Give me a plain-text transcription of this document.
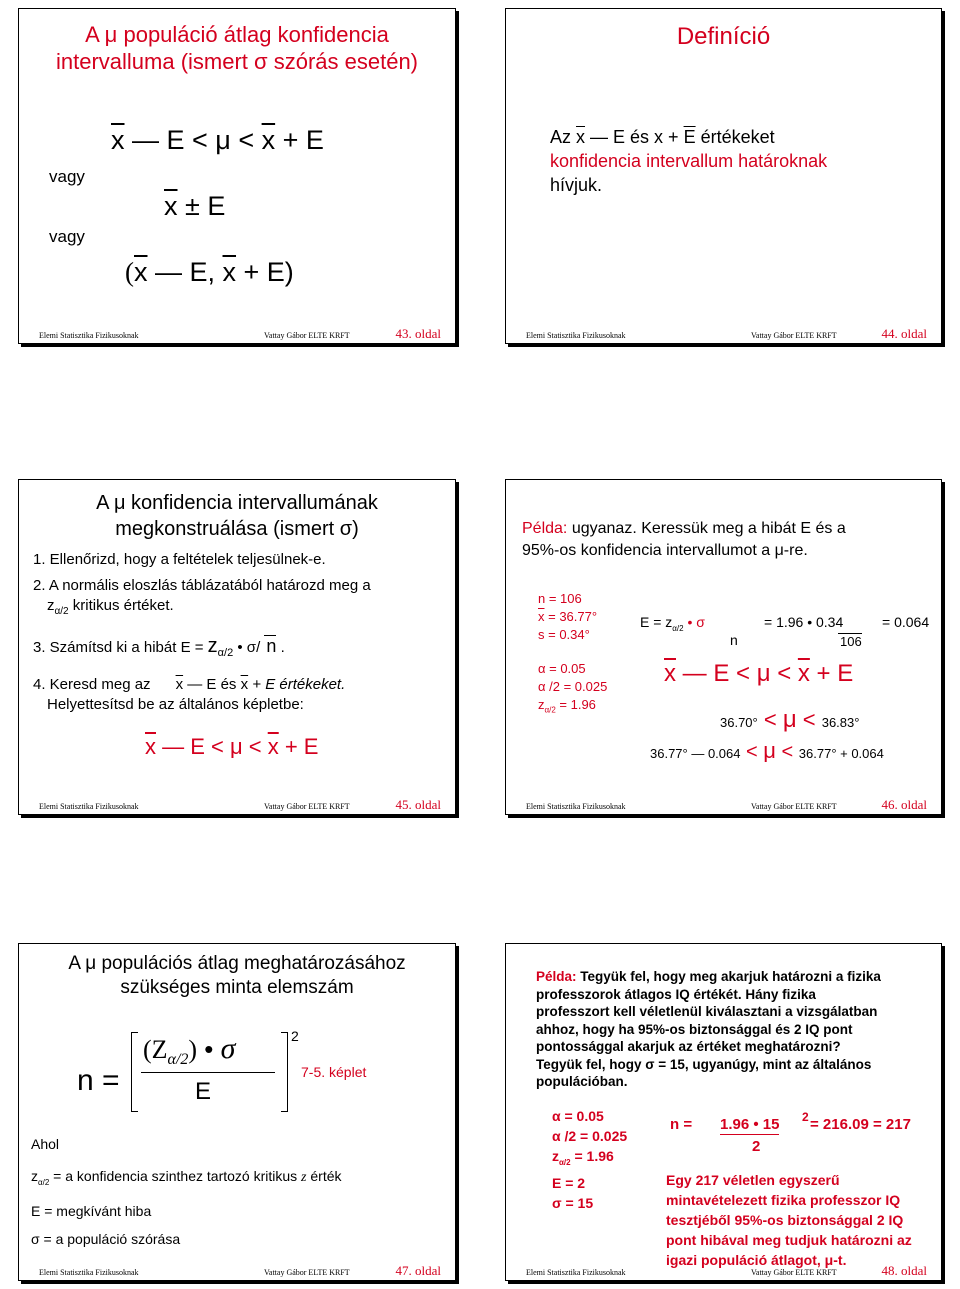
A μ populáció átlag konfidencia
intervalluma (ismert σ szórás esetén)
$\overline{x}$ — $E < \mu < \overline{x} + E$
vagy
$\overline{x} \pm E$
vagy
($\overline{x}$ — E, $\overline{x} + E$)
Elemi Statisztika Fizikusoknak	Vattay Gábor ELTE KRFT	43. oldal
Definíció
Az $\overline{x}$ — E és $x + \overline{E}$ értékeket
konfidencia intervallum határoknak
hívjuk.
Elemi Statisztika Fizikusoknak	Vattay Gábor ELTE KRFT	44. oldal
A μ konfidencia intervallumának
megkonstruálása (ismert σ)
1. Ellenőrizd, hogy a feltételek teljesülnek-e.
2. A normális eloszlás táblázatából határozd meg a
$z_{\alpha/2}$ kritikus értéket.
3. Számítsd ki a hibát $E = z_{\alpha/2}$ • σ/ n .
4. Keresd meg az $\overline{x}$ — E és $\overline{x} + E$ értékeket.
Helyettesítsd be az általános képletbe:
$\overline{x}$ — $E < \mu < \overline{x} + E$
Elemi Statisztika Fizikusoknak	Vattay Gábor ELTE KRFT	45. oldal
Példa: ugyanaz. Keressük meg a hibát E és a
95%-os konfidencia intervallumot a μ-re.
n = 106
$\overline{x} = 36.77^\circ$
s = 0.34°
α = 0.05
α /2 = 0.025
$z_{\alpha/2} = 1.96$
$E = z_{\alpha/2}$ • σ
n
= 1.96 • 0.34
106
= 0.064
$\overline{x}$ — $E < \mu < \overline{x} + E$
36.70° < μ < 36.83°
36.77° — 0.064 < μ < 36.77° + 0.064
Elemi Statisztika Fizikusoknak	Vattay Gábor ELTE KRFT	46. oldal
A μ populációs átlag meghatározásához
szükséges minta elemszám
n =
$(Z_{\alpha/2})$ • σ
E
2
7-5. képlet
Ahol
$z_{\alpha/2} = a$ konfidencia szinthez tartozó kritikus z érték
E = megkívánt hiba
σ = a populáció szórása
Elemi Statisztika Fizikusoknak	Vattay Gábor ELTE KRFT	47. oldal
Példa: Tegyük fel, hogy meg akarjuk határozni a fizika
professzorok átlagos IQ értékét. Hány fizika
professzort kell véletlenül kiválasztani a vizsgálatban
ahhoz, hogy ha 95%-os biztonsággal és 2 IQ pont
pontossággal akarjuk az értéket meghatározni?
Tegyük fel, hogy σ = 15, ugyanúgy, mint az általános
populációban.
α = 0.05
α /2 = 0.025
$z_{\alpha/2} = 1.96$
E = 2
σ = 15
n = 1.96 • 15 2
2
= 216.09 = 217
Egy 217 véletlen egyszerű
mintavételezett fizika professzor IQ
tesztjéből 95%-os biztonsággal 2 IQ
pont hibával meg tudjuk határozni az
igazi populáció átlagot, μ-t.
Elemi Statisztika Fizikusoknak	Vattay Gábor ELTE KRFT	48. oldal
